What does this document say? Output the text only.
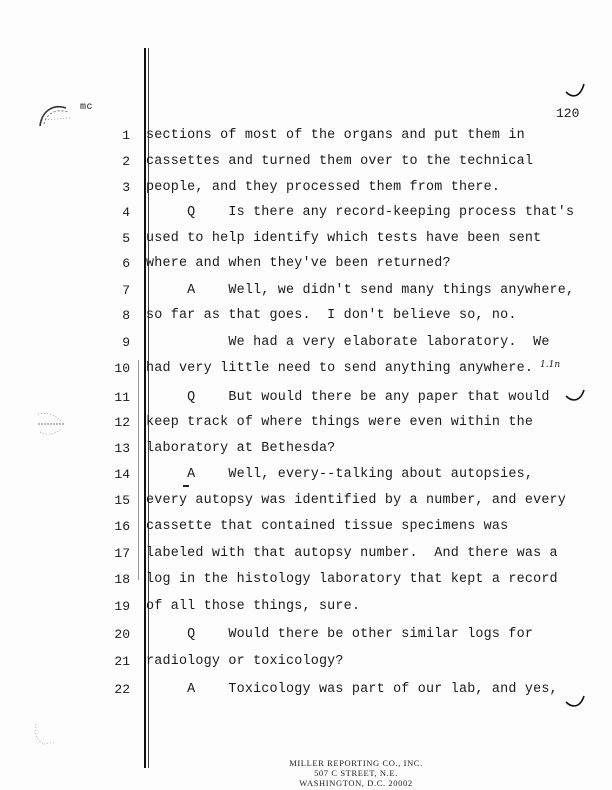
mc	120
1 sections of most of the organs and put them in
2 cassettes and turned them over to the technical
3 people, and they processed them from there.
4 Q    Is there any record-keeping process that's
5 used to help identify which tests have been sent
6 where and when they've been returned?
7 A    Well, we didn't send many things anywhere,
8 so far as that goes.  I don't believe so, no.
9 We had a very elaborate laboratory.  We
10 had very little need to send anything anywhere.
11 Q    But would there be any paper that would
12 keep track of where things were even within the
13 laboratory at Bethesda?
14 A    Well, every--talking about autopsies,
15 every autopsy was identified by a number, and every
16 cassette that contained tissue specimens was
17 labeled with that autopsy number.  And there was a
18 log in the histology laboratory that kept a record
19 of all those things, sure.
20 Q    Would there be other similar logs for
21 radiology or toxicology?
22 A    Toxicology was part of our lab, and yes,
1.1n
MILLER REPORTING CO., INC.
507 C STREET, N.E.
WASHINGTON, D.C. 20002
